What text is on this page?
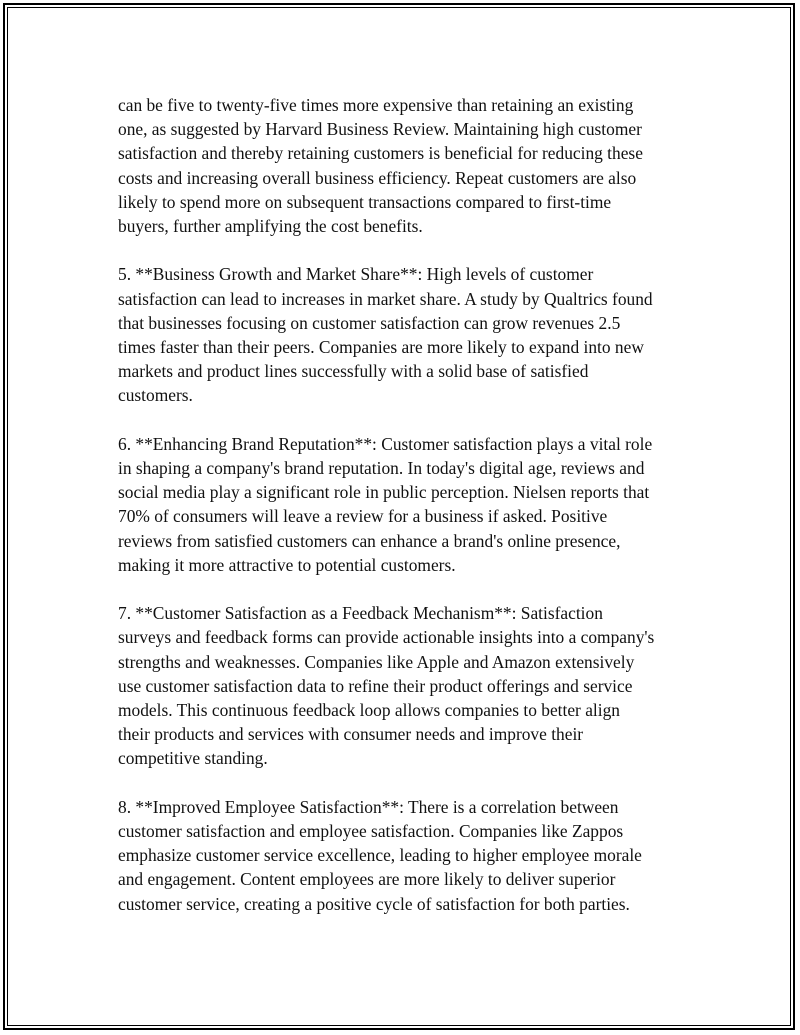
can be five to twenty-five times more expensive than retaining an existing
one, as suggested by Harvard Business Review. Maintaining high customer
satisfaction and thereby retaining customers is beneficial for reducing these
costs and increasing overall business efficiency. Repeat customers are also
likely to spend more on subsequent transactions compared to first-time
buyers, further amplifying the cost benefits.

5. **Business Growth and Market Share**: High levels of customer
satisfaction can lead to increases in market share. A study by Qualtrics found
that businesses focusing on customer satisfaction can grow revenues 2.5
times faster than their peers. Companies are more likely to expand into new
markets and product lines successfully with a solid base of satisfied
customers.

6. **Enhancing Brand Reputation**: Customer satisfaction plays a vital role
in shaping a company's brand reputation. In today's digital age, reviews and
social media play a significant role in public perception. Nielsen reports that
70% of consumers will leave a review for a business if asked. Positive
reviews from satisfied customers can enhance a brand's online presence,
making it more attractive to potential customers.

7. **Customer Satisfaction as a Feedback Mechanism**: Satisfaction
surveys and feedback forms can provide actionable insights into a company's
strengths and weaknesses. Companies like Apple and Amazon extensively
use customer satisfaction data to refine their product offerings and service
models. This continuous feedback loop allows companies to better align
their products and services with consumer needs and improve their
competitive standing.

8. **Improved Employee Satisfaction**: There is a correlation between
customer satisfaction and employee satisfaction. Companies like Zappos
emphasize customer service excellence, leading to higher employee morale
and engagement. Content employees are more likely to deliver superior
customer service, creating a positive cycle of satisfaction for both parties.
